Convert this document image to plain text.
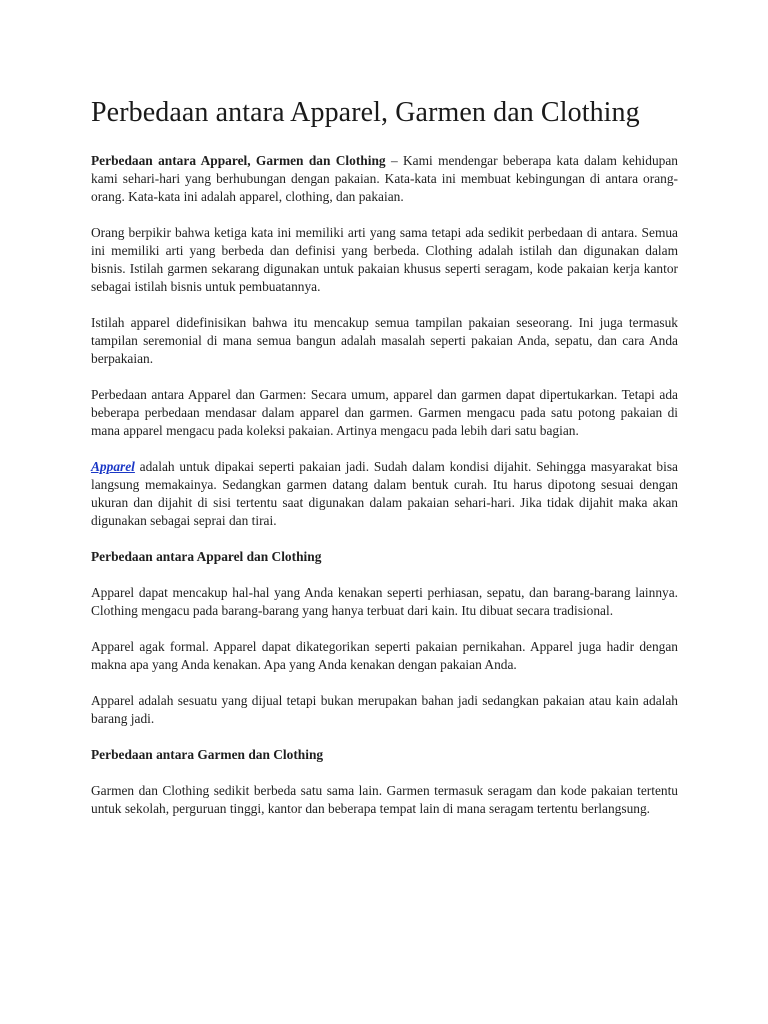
Perbedaan antara Apparel, Garmen dan Clothing

Perbedaan antara Apparel, Garmen dan Clothing – Kami mendengar beberapa kata dalam kehidupan kami sehari-hari yang berhubungan dengan pakaian. Kata-kata ini membuat kebingungan di antara orang-orang. Kata-kata ini adalah apparel, clothing, dan pakaian.

Orang berpikir bahwa ketiga kata ini memiliki arti yang sama tetapi ada sedikit perbedaan di antara. Semua ini memiliki arti yang berbeda dan definisi yang berbeda. Clothing adalah istilah dan digunakan dalam bisnis. Istilah garmen sekarang digunakan untuk pakaian khusus seperti seragam, kode pakaian kerja kantor sebagai istilah bisnis untuk pembuatannya.

Istilah apparel didefinisikan bahwa itu mencakup semua tampilan pakaian seseorang. Ini juga termasuk tampilan seremonial di mana semua bangun adalah masalah seperti pakaian Anda, sepatu, dan cara Anda berpakaian.

Perbedaan antara Apparel dan Garmen: Secara umum, apparel dan garmen dapat dipertukarkan. Tetapi ada beberapa perbedaan mendasar dalam apparel dan garmen. Garmen mengacu pada satu potong pakaian di mana apparel mengacu pada koleksi pakaian. Artinya mengacu pada lebih dari satu bagian.

Apparel adalah untuk dipakai seperti pakaian jadi. Sudah dalam kondisi dijahit. Sehingga masyarakat bisa langsung memakainya. Sedangkan garmen datang dalam bentuk curah. Itu harus dipotong sesuai dengan ukuran dan dijahit di sisi tertentu saat digunakan dalam pakaian sehari-hari. Jika tidak dijahit maka akan digunakan sebagai seprai dan tirai.

Perbedaan antara Apparel dan Clothing

Apparel dapat mencakup hal-hal yang Anda kenakan seperti perhiasan, sepatu, dan barang-barang lainnya. Clothing mengacu pada barang-barang yang hanya terbuat dari kain. Itu dibuat secara tradisional.

Apparel agak formal. Apparel dapat dikategorikan seperti pakaian pernikahan. Apparel juga hadir dengan makna apa yang Anda kenakan. Apa yang Anda kenakan dengan pakaian Anda.

Apparel adalah sesuatu yang dijual tetapi bukan merupakan bahan jadi sedangkan pakaian atau kain adalah barang jadi.

Perbedaan antara Garmen dan Clothing

Garmen dan Clothing sedikit berbeda satu sama lain. Garmen termasuk seragam dan kode pakaian tertentu untuk sekolah, perguruan tinggi, kantor dan beberapa tempat lain di mana seragam tertentu berlangsung.
